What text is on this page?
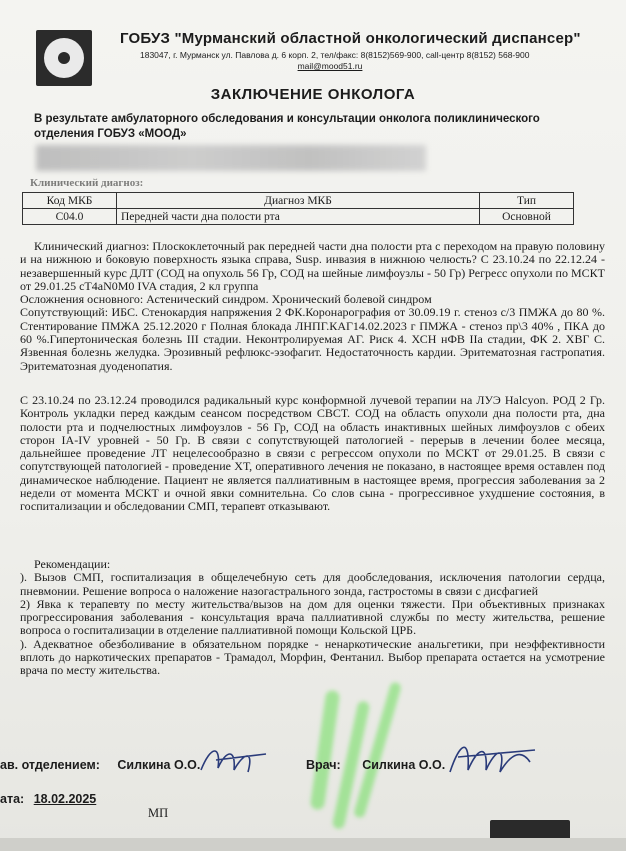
ГОБУЗ "Мурманский областной онкологический диспансер"
183047, г. Мурманск ул. Павлова д. 6 корп. 2, тел/факс: 8(8152)569-900, call-центр 8(8152) 568-900
mail@mood51.ru
ЗАКЛЮЧЕНИЕ ОНКОЛОГА
В результате амбулаторного обследования и консультации онколога поликлинического отделения ГОБУЗ «МООД»
Клинический диагноз:
Код МКБ	Диагноз МКБ	Тип
C04.0	Передней части дна полости рта	Основной
Клинический диагноз: Плоскоклеточный рак передней части дна полости рта с переходом на правую половину и на нижнюю и боковую поверхность языка справа, Susp. инвазия в нижнюю челюсть? С 23.10.24 по 22.12.24 - незавершенный курс ДЛТ (СОД на опухоль 56 Гр, СОД на шейные лимфоузлы - 50 Гр) Регресс опухоли по МСКТ от 29.01.25 cT4aN0M0 IVA стадия, 2 кл группа
Осложнения основного: Астенический синдром. Хронический болевой синдром
Сопутствующий: ИБС. Стенокардия напряжения 2 ФК.Коронарография от 30.09.19 г. стеноз с/3 ПМЖА до 80 %. Стентирование ПМЖА 25.12.2020 г Полная блокада ЛНПГ.КАГ14.02.2023 г ПМЖА - стеноз пр\3 40% , ПКА до 60 %.Гипертоническая болезнь III стадии. Неконтролируемая АГ. Риск 4. ХСН нФВ IIa стадии, ФК 2. ХВГ С. Язвенная болезнь желудка. Эрозивный рефлюкс-эзофагит. Недостаточность кардии. Эритематозная гастропатия. Эритематозная дуоденопатия.
С 23.10.24 по 23.12.24 проводился радикальный курс конформной лучевой терапии на ЛУЭ Halcyon. РОД 2 Гр. Контроль укладки перед каждым сеансом посредством СВСТ. СОД на область опухоли дна полости рта, дна полости рта и подчелюстных лимфоузлов - 56 Гр, СОД на область инактивных шейных лимфоузлов с обеих сторон IA-IV уровней - 50 Гр. В связи с сопутствующей патологией - перерыв в лечении более месяца, дальнейшее проведение ЛТ нецелесообразно в связи с регрессом опухоли по МСКТ от 29.01.25. В связи с сопутствующей патологией - проведение ХТ, оперативного лечения не показано, в настоящее время оставлен под динамическое наблюдение. Пациент не является паллиативным в настоящее время, прогрессия заболевания за 2 недели от момента МСКТ и очной явки сомнительна. Со слов сына - прогрессивное ухудшение состояния, в госпитализации и обследовании СМП, терапевт отказывают.
Рекомендации:
). Вызов СМП, госпитализация в общелечебную сеть для дообследования, исключения патологии сердца, пневмонии. Решение вопроса о наложение назогастрального зонда, гастростомы в связи с дисфагией
2) Явка к терапевту по месту жительства/вызов на дом для оценки тяжести. При объективных признаках прогрессирования заболевания - консультация врача паллиативной службы по месту жительства, решение вопроса о госпитализации в отделение паллиативной помощи Кольской ЦРБ.
). Адекватное обезболивание в обязательном порядке - ненаркотические анальгетики, при неэффективности вплоть до наркотических препаратов - Трамадол, Морфин, Фентанил. Выбор препарата остается на усмотрение врача по месту жительства.
ав. отделением: Силкина О.О.	Врач: Силкина О.О.
ата: 18.02.2025
МП
